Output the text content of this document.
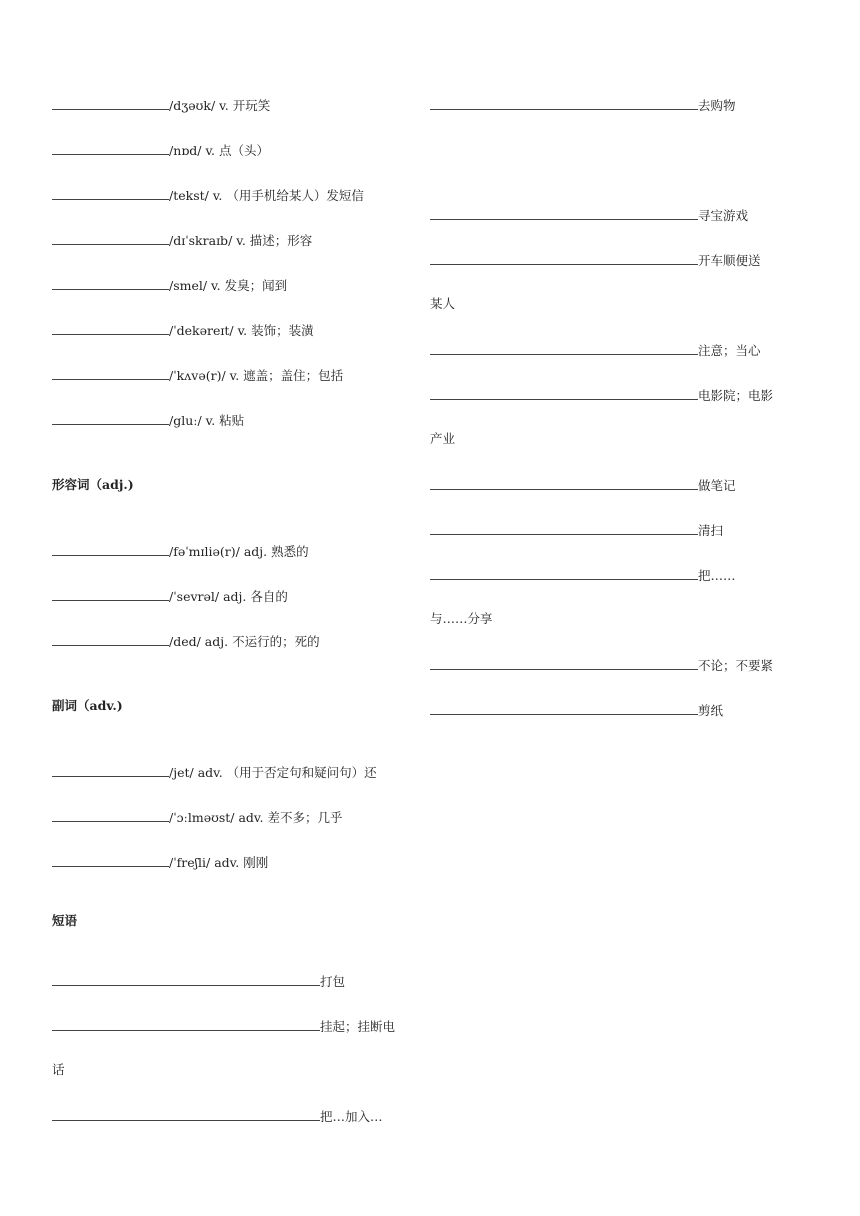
/dʒəʊk/ v. 开玩笑
/nɒd/ v. 点（头）
/tekst/ v. （用手机给某人）发短信
/dɪˈskraɪb/ v. 描述；形容
/smel/ v. 发臭；闻到
/ˈdekəreɪt/ v. 装饰；装潢
/ˈkʌvə(r)/ v. 遮盖；盖住；包括
/gluː/ v. 粘贴
形容词（adj.)
/fəˈmɪliə(r)/ adj. 熟悉的
/ˈsevrəl/ adj. 各自的
/ded/ adj. 不运行的；死的
副词（adv.)
/jet/ adv. （用于否定句和疑问句）还
/ˈɔːlməʊst/ adv. 差不多；几乎
/ˈfreʃli/ adv. 刚刚
短语
打包
挂起；挂断电
话
把…加入…
去购物
寻宝游戏
开车顺便送
某人
注意；当心
电影院；电影
产业
做笔记
清扫
把……
与……分享
不论；不要紧
剪纸
